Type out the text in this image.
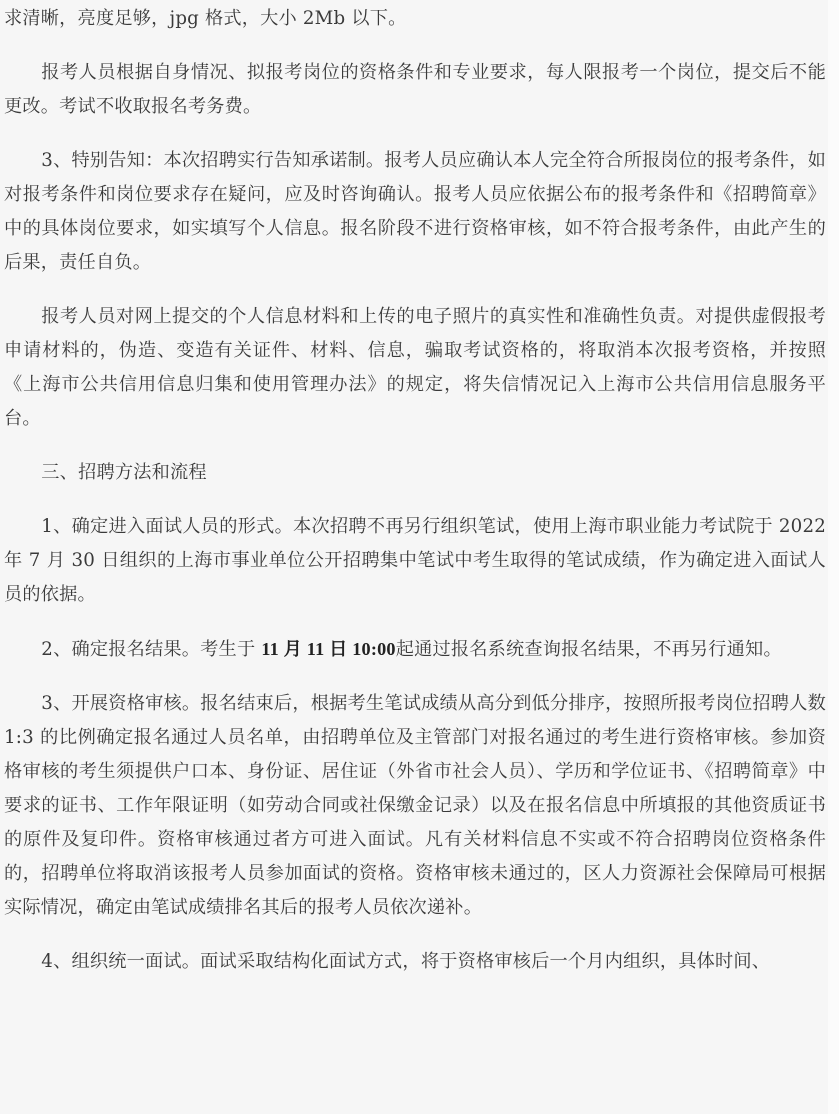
求清晰，亮度足够，jpg 格式，大小 2Mb 以下。

报考人员根据自身情况、拟报考岗位的资格条件和专业要求，每人限报考一个岗位，提交后不能更改。考试不收取报名考务费。

3、特别告知：本次招聘实行告知承诺制。报考人员应确认本人完全符合所报岗位的报考条件，如对报考条件和岗位要求存在疑问，应及时咨询确认。报考人员应依据公布的报考条件和《招聘简章》中的具体岗位要求，如实填写个人信息。报名阶段不进行资格审核，如不符合报考条件，由此产生的后果，责任自负。

报考人员对网上提交的个人信息材料和上传的电子照片的真实性和准确性负责。对提供虚假报考申请材料的，伪造、变造有关证件、材料、信息，骗取考试资格的，将取消本次报考资格，并按照《上海市公共信用信息归集和使用管理办法》的规定，将失信情况记入上海市公共信用信息服务平台。

三、招聘方法和流程

1、确定进入面试人员的形式。本次招聘不再另行组织笔试，使用上海市职业能力考试院于 2022 年 7 月 30 日组织的上海市事业单位公开招聘集中笔试中考生取得的笔试成绩，作为确定进入面试人员的依据。

2、确定报名结果。考生于 11 月 11 日 10:00起通过报名系统查询报名结果，不再另行通知。

3、开展资格审核。报名结束后，根据考生笔试成绩从高分到低分排序，按照所报考岗位招聘人数 1:3 的比例确定报名通过人员名单，由招聘单位及主管部门对报名通过的考生进行资格审核。参加资格审核的考生须提供户口本、身份证、居住证（外省市社会人员）、学历和学位证书、《招聘简章》中要求的证书、工作年限证明（如劳动合同或社保缴金记录）以及在报名信息中所填报的其他资质证书的原件及复印件。资格审核通过者方可进入面试。凡有关材料信息不实或不符合招聘岗位资格条件的，招聘单位将取消该报考人员参加面试的资格。资格审核未通过的，区人力资源社会保障局可根据实际情况，确定由笔试成绩排名其后的报考人员依次递补。

4、组织统一面试。面试采取结构化面试方式，将于资格审核后一个月内组织，具体时间、
